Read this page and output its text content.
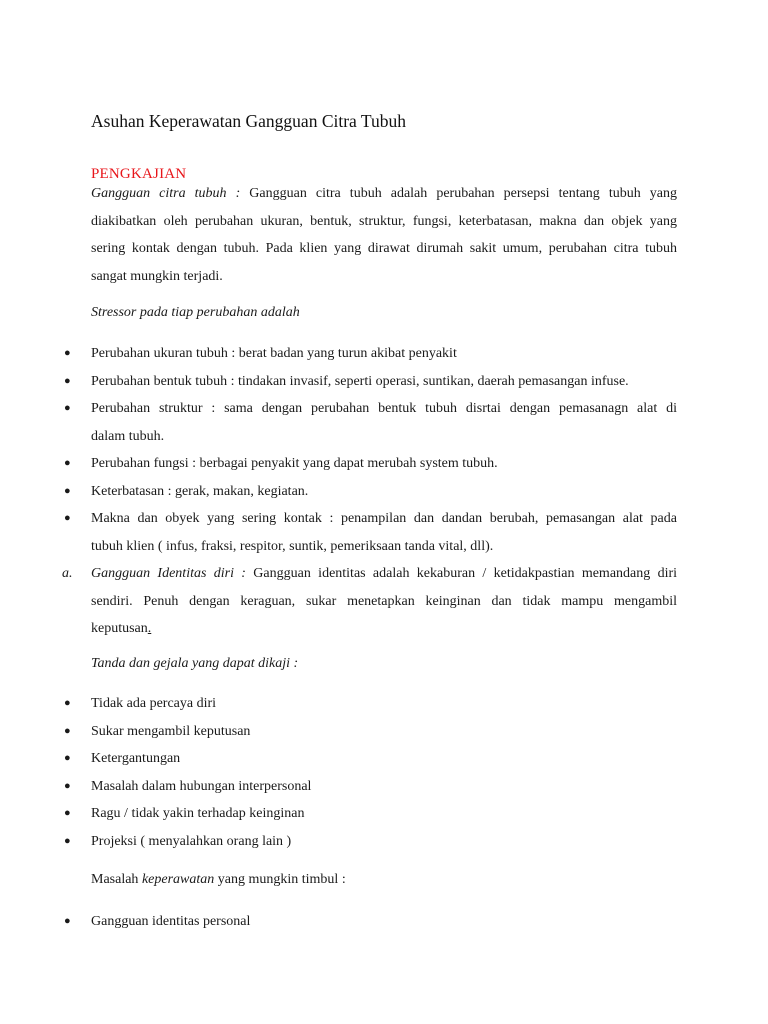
Asuhan Keperawatan Gangguan Citra Tubuh
PENGKAJIAN
Gangguan citra tubuh : Gangguan citra tubuh adalah perubahan persepsi tentang tubuh yang
diakibatkan oleh perubahan ukuran, bentuk, struktur, fungsi, keterbatasan, makna dan objek yang
sering kontak dengan tubuh. Pada klien yang dirawat dirumah sakit umum, perubahan citra tubuh
sangat mungkin terjadi.
Stressor pada tiap perubahan adalah
● Perubahan ukuran tubuh : berat badan yang turun akibat penyakit
● Perubahan bentuk tubuh : tindakan invasif, seperti operasi, suntikan, daerah pemasangan infuse.
● Perubahan struktur : sama dengan perubahan bentuk tubuh disrtai dengan pemasanagn alat di
dalam tubuh.
● Perubahan fungsi : berbagai penyakit yang dapat merubah system tubuh.
● Keterbatasan : gerak, makan, kegiatan.
● Makna dan obyek yang sering kontak : penampilan dan dandan berubah, pemasangan alat pada
tubuh klien ( infus, fraksi, respitor, suntik, pemeriksaan tanda vital, dll).
a. Gangguan Identitas diri : Gangguan identitas adalah kekaburan / ketidakpastian memandang diri
sendiri. Penuh dengan keraguan, sukar menetapkan keinginan dan tidak mampu mengambil
keputusan.
Tanda dan gejala yang dapat dikaji :
● Tidak ada percaya diri
● Sukar mengambil keputusan
● Ketergantungan
● Masalah dalam hubungan interpersonal
● Ragu / tidak yakin terhadap keinginan
● Projeksi ( menyalahkan orang lain )
Masalah keperawatan yang mungkin timbul :
● Gangguan identitas personal
